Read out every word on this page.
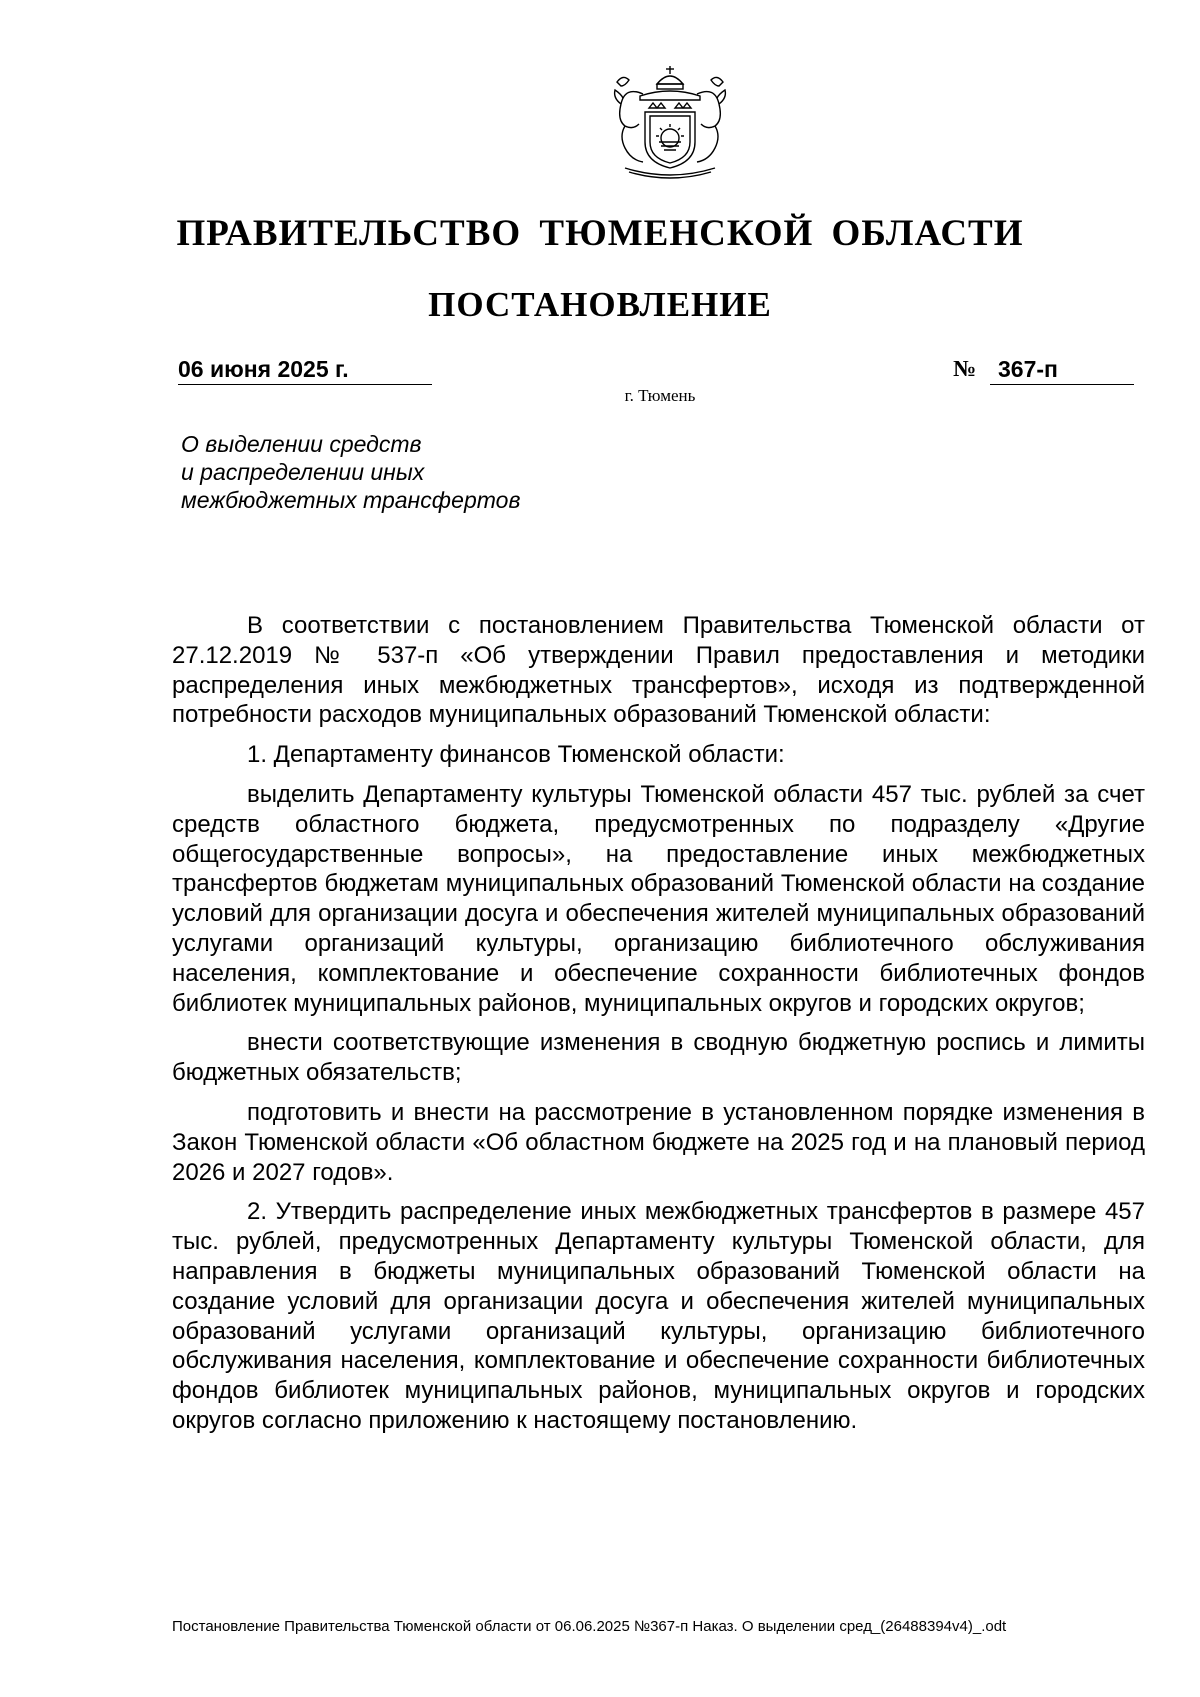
ПРАВИТЕЛЬСТВО ТЮМЕНСКОЙ ОБЛАСТИ
ПОСТАНОВЛЕНИЕ
06 июня 2025 г.	№ 367-п
г. Тюмень
О выделении средств
и распределении иных
межбюджетных трансфертов

В соответствии с постановлением Правительства Тюменской области от 27.12.2019 № 537-п «Об утверждении Правил предоставления и методики распределения иных межбюджетных трансфертов», исходя из подтвержденной потребности расходов муниципальных образований Тюменской области:

1. Департаменту финансов Тюменской области:

выделить Департаменту культуры Тюменской области 457 тыс. рублей за счет средств областного бюджета, предусмотренных по подразделу «Другие общегосударственные вопросы», на предоставление иных межбюджетных трансфертов бюджетам муниципальных образований Тюменской области на создание условий для организации досуга и обеспечения жителей муниципальных образований услугами организаций культуры, организацию библиотечного обслуживания населения, комплектование и обеспечение сохранности библиотечных фондов библиотек муниципальных районов, муниципальных округов и городских округов;

внести соответствующие изменения в сводную бюджетную роспись и лимиты бюджетных обязательств;

подготовить и внести на рассмотрение в установленном порядке изменения в Закон Тюменской области «Об областном бюджете на 2025 год и на плановый период 2026 и 2027 годов».

2. Утвердить распределение иных межбюджетных трансфертов в размере 457 тыс. рублей, предусмотренных Департаменту культуры Тюменской области, для направления в бюджеты муниципальных образований Тюменской области на создание условий для организации досуга и обеспечения жителей муниципальных образований услугами организаций культуры, организацию библиотечного обслуживания населения, комплектование и обеспечение сохранности библиотечных фондов библиотек муниципальных районов, муниципальных округов и городских округов согласно приложению к настоящему постановлению.

Постановление Правительства Тюменской области от 06.06.2025 №367-п Наказ. О выделении сред_(26488394v4)_.odt
